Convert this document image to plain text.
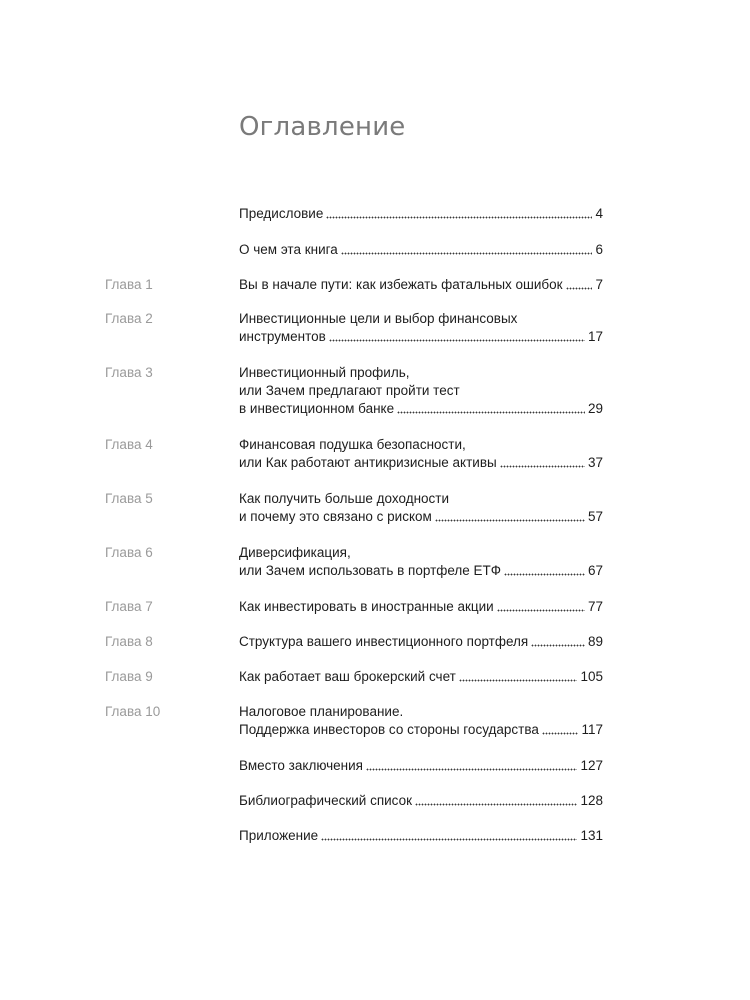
Оглавление
Предисловие	4
О чем эта книга	6
Глава 1	Вы в начале пути: как избежать фатальных ошибок 7
Глава 2	Инвестиционные цели и выбор финансовых
инструментов	17
Глава 3	Инвестиционный профиль,
или Зачем предлагают пройти тест
в инвестиционном банке	29
Глава 4	Финансовая подушка безопасности,
или Как работают антикризисные активы	37
Глава 5	Как получить больше доходности
и почему это связано с риском	57
Глава 6	Диверсификация,
или Зачем использовать в портфеле ETФ	67
Глава 7	Как инвестировать в иностранные акции	77
Глава 8	Структура вашего инвестиционного портфеля	89
Глава 9	Как работает ваш брокерский счет	105
Глава 10	Налоговое планирование.
Поддержка инвесторов со стороны государства	117
Вместо заключения	127
Библиографический список	128
Приложение	131
